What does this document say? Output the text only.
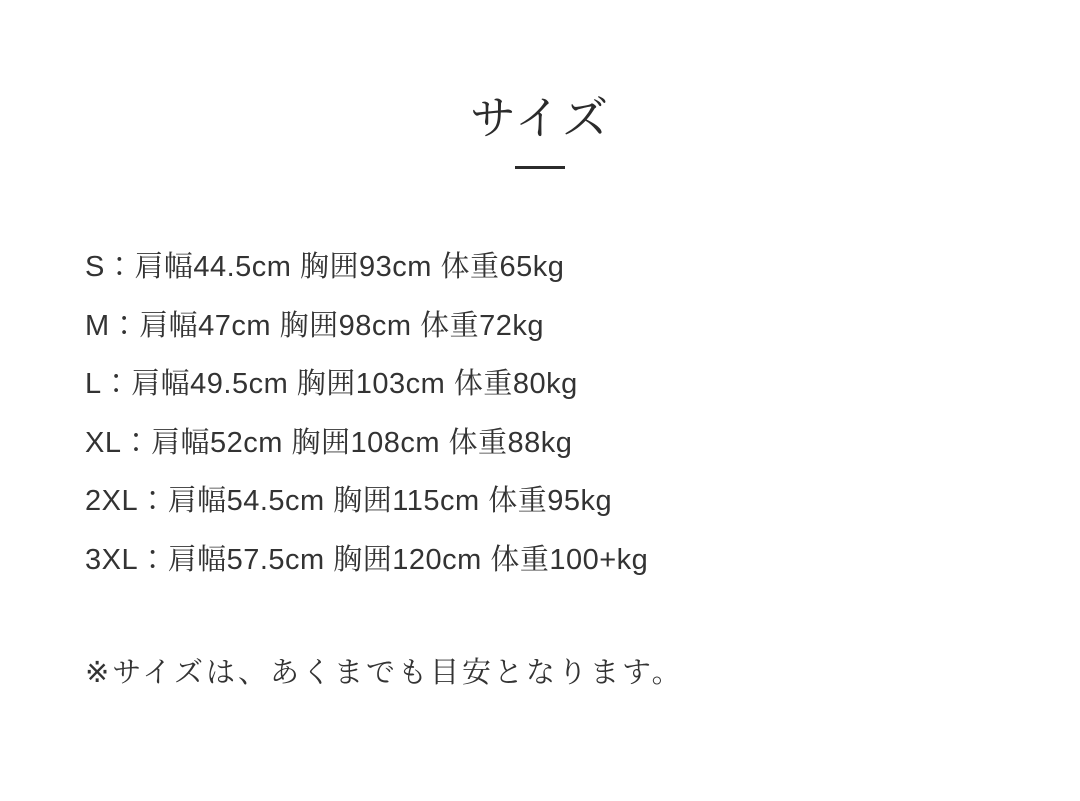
サイズ
S：肩幅44.5cm 胸囲93cm 体重65kg
M：肩幅47cm 胸囲98cm 体重72kg
L：肩幅49.5cm 胸囲103cm 体重80kg
XL：肩幅52cm 胸囲108cm 体重88kg
2XL：肩幅54.5cm 胸囲115cm 体重95kg
3XL：肩幅57.5cm 胸囲120cm 体重100+kg
※サイズは、あくまでも目安となります。
